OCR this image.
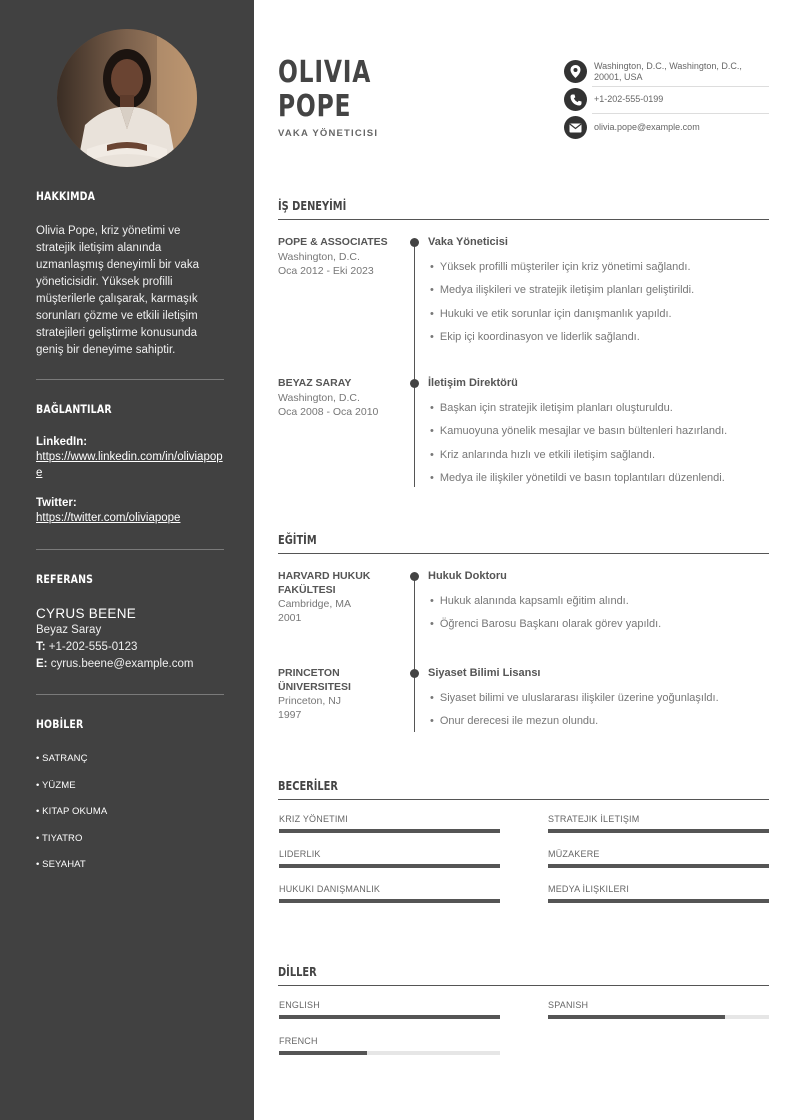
HAKKIMDA
Olivia Pope, kriz yönetimi ve stratejik iletişim alanında uzmanlaşmış deneyimli bir vaka yöneticisidir. Yüksek profilli müşterilerle çalışarak, karmaşık sorunları çözme ve etkili iletişim stratejileri geliştirme konusunda geniş bir deneyime sahiptir.
BAĞLANTILAR
LinkedIn:
https://www.linkedin.com/in/oliviapope
Twitter:
https://twitter.com/oliviapope
REFERANS
CYRUS BEENE
Beyaz Saray
T: +1-202-555-0123
E: cyrus.beene@example.com
HOBİLER
• SATRANÇ
• YÜZME
• KITAP OKUMA
• TIYATRO
• SEYAHAT
OLIVIA
POPE
VAKA YÖNETICISI
Washington, D.C., Washington, D.C., 20001, USA
+1-202-555-0199
olivia.pope@example.com
İŞ DENEYİMİ
POPE & ASSOCIATES
Washington, D.C.
Oca 2012 - Eki 2023
Vaka Yöneticisi
• Yüksek profilli müşteriler için kriz yönetimi sağlandı.
• Medya ilişkileri ve stratejik iletişim planları geliştirildi.
• Hukuki ve etik sorunlar için danışmanlık yapıldı.
• Ekip içi koordinasyon ve liderlik sağlandı.
BEYAZ SARAY
Washington, D.C.
Oca 2008 - Oca 2010
İletişim Direktörü
• Başkan için stratejik iletişim planları oluşturuldu.
• Kamuoyuna yönelik mesajlar ve basın bültenleri hazırlandı.
• Kriz anlarında hızlı ve etkili iletişim sağlandı.
• Medya ile ilişkiler yönetildi ve basın toplantıları düzenlendi.
EĞİTİM
HARVARD HUKUK
FAKÜLTESI
Cambridge, MA
2001
Hukuk Doktoru
• Hukuk alanında kapsamlı eğitim alındı.
• Öğrenci Barosu Başkanı olarak görev yapıldı.
PRINCETON
ÜNIVERSITESI
Princeton, NJ
1997
Siyaset Bilimi Lisansı
• Siyaset bilimi ve uluslararası ilişkiler üzerine yoğunlaşıldı.
• Onur derecesi ile mezun olundu.
BECERİLER
KRIZ YÖNETIMI	STRATEJIK İLETIŞIM
LIDERLIK	MÜZAKERE
HUKUKI DANIŞMANLIK	MEDYA İLIŞKILERI
DİLLER
ENGLISH	SPANISH
FRENCH
